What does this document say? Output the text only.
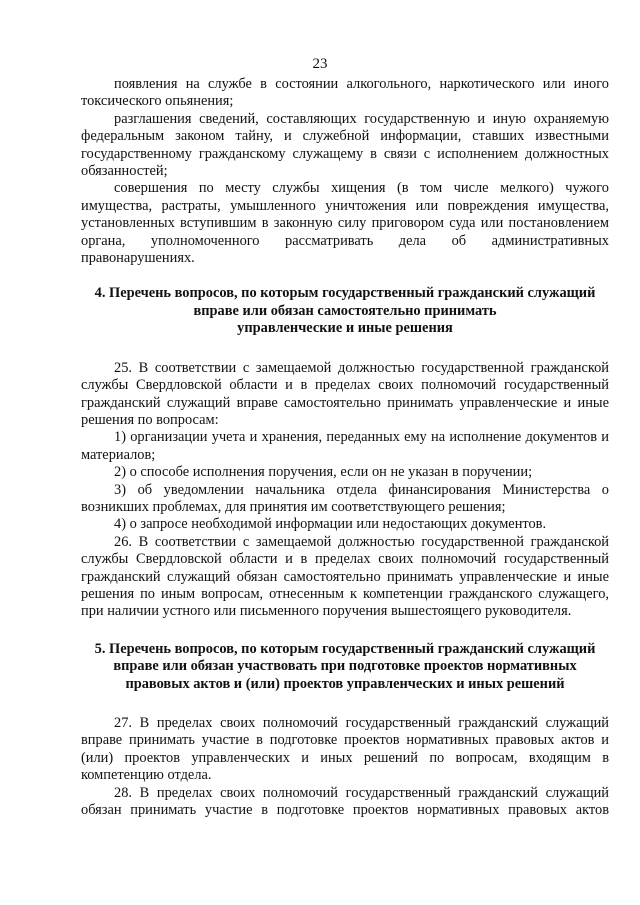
23

появления на службе в состоянии алкогольного, наркотического или иного токсического опьянения;

разглашения сведений, составляющих государственную и иную охраняемую федеральным законом тайну, и служебной информации, ставших известными государственному гражданскому служащему в связи с исполнением должностных обязанностей;

совершения по месту службы хищения (в том числе мелкого) чужого имущества, растраты, умышленного уничтожения или повреждения имущества, установленных вступившим в законную силу приговором суда или постановлением органа, уполномоченного рассматривать дела об административных правонарушениях.

4. Перечень вопросов, по которым государственный гражданский служащий

вправе или обязан самостоятельно принимать

управленческие и иные решения

25. В соответствии с замещаемой должностью государственной гражданской службы Свердловской области и в пределах своих полномочий государственный гражданский служащий вправе самостоятельно принимать управленческие и иные решения по вопросам:

1) организации учета и хранения, переданных ему на исполнение документов и материалов;

2) о способе исполнения поручения, если он не указан в поручении;

3) об уведомлении начальника отдела финансирования Министерства о возникших проблемах, для принятия им соответствующего решения;

4) о запросе необходимой информации или недостающих документов.

26. В соответствии с замещаемой должностью государственной гражданской службы Свердловской области и в пределах своих полномочий государственный гражданский служащий обязан самостоятельно принимать управленческие и иные решения по иным вопросам, отнесенным к компетенции гражданского служащего, при наличии устного или письменного поручения вышестоящего руководителя.

5. Перечень вопросов, по которым государственный гражданский служащий

вправе или обязан участвовать при подготовке проектов нормативных

правовых актов и (или) проектов управленческих и иных решений

27. В пределах своих полномочий государственный гражданский служащий вправе принимать участие в подготовке проектов нормативных правовых актов и (или) проектов управленческих и иных решений по вопросам, входящим в компетенцию отдела.

28. В пределах своих полномочий государственный гражданский служащий обязан принимать участие в подготовке проектов нормативных правовых актов
